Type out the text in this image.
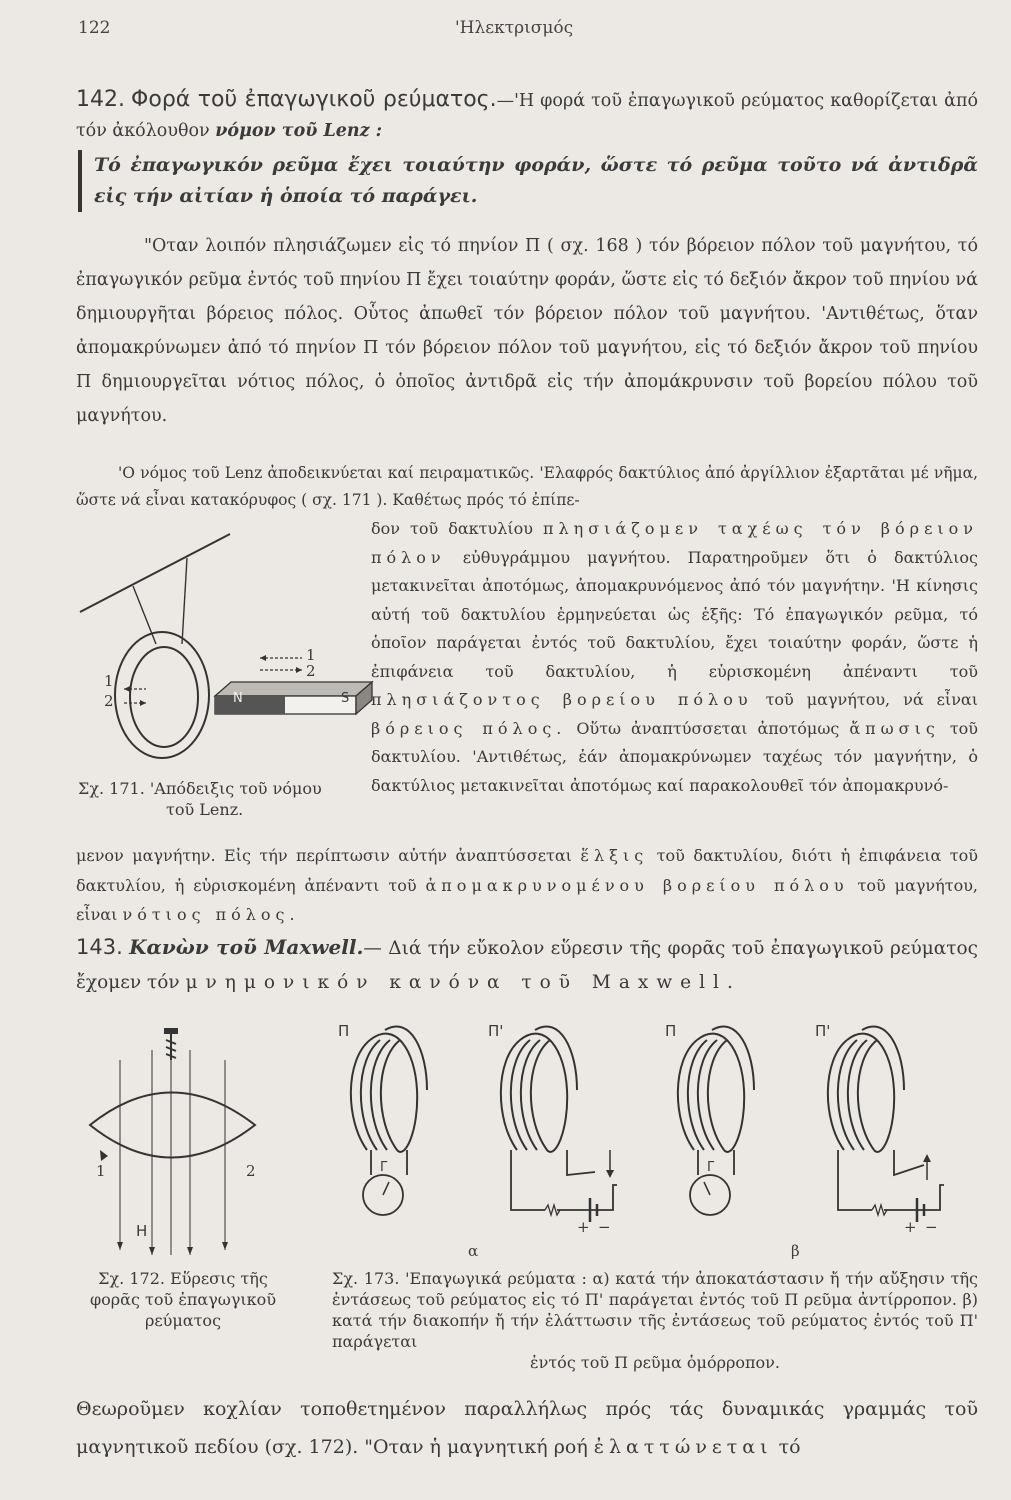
122	'Ηλεκτρισμός
142. Φορά τοῦ ἐπαγωγικοῦ ρεύματος.—'Η φορά τοῦ ἐπαγωγικοῦ ρεύματος καθορίζεται ἀπό τόν ἀκόλουθον νόμον τοῦ Lenz :
Τό ἐπαγωγικόν ρεῦμα ἔχει τοιαύτην φοράν, ὥστε τό ρεῦμα τοῦτο νά ἀντιδρᾶ εἰς τήν αἰτίαν ἡ ὁποία τό παράγει.
"Οταν λοιπόν πλησιάζωμεν εἰς τό πηνίον Π ( σχ. 168 ) τόν βόρειον πόλον τοῦ μαγνήτου, τό ἐπαγωγικόν ρεῦμα ἐντός τοῦ πηνίου Π ἔχει τοιαύτην φοράν, ὥστε εἰς τό δεξιόν ἄκρον τοῦ πηνίου νά δημιουργῆται βόρειος πόλος. Οὗτος ἀπωθεῖ τόν βόρειον πόλον τοῦ μαγνήτου. 'Αντιθέτως, ὅταν ἀπομακρύνωμεν ἀπό τό πηνίον Π τόν βόρειον πόλον τοῦ μαγνήτου, εἰς τό δεξιόν ἄκρον τοῦ πηνίου Π δημιουργεῖται νότιος πόλος, ὁ ὁποῖος ἀντιδρᾶ εἰς τήν ἀπομάκρυνσιν τοῦ βορείου πόλου τοῦ μαγνήτου.
'Ο νόμος τοῦ Lenz ἀποδεικνύεται καί πειραματικῶς. 'Ελαφρός δακτύλιος ἀπό ἀργίλλιον ἐξαρτᾶται μέ νῆμα, ὥστε νά εἶναι κατακόρυφος ( σχ. 171 ). Καθέτως πρός τό ἐπίπε-
1
2
1
2
N	S
Σχ. 171. 'Απόδειξις τοῦ νόμου
τοῦ Lenz.
δον τοῦ δακτυλίου πλησιάζομεν ταχέως τόν βόρειον πόλον εὐθυγράμμου μαγνήτου. Παρατηροῦμεν ὅτι ὁ δακτύλιος μετακινεῖται ἀποτόμως, ἀπομακρυνόμενος ἀπό τόν μαγνήτην. 'Η κίνησις αὐτή τοῦ δακτυλίου ἑρμηνεύεται ὡς ἑξῆς: Τό ἐπαγωγικόν ρεῦμα, τό ὁποῖον παράγεται ἐντός τοῦ δακτυλίου, ἔχει τοιαύτην φοράν, ὥστε ἡ ἐπιφάνεια τοῦ δακτυλίου, ἡ εὑρισκομένη ἀπέναντι τοῦ πλησιάζοντος βορείου πόλου τοῦ μαγνήτου, νά εἶναι βόρειος πόλος. Οὕτω ἀναπτύσσεται ἀποτόμως ἄπωσις τοῦ δακτυλίου. 'Αντιθέτως, ἐάν ἀπομακρύνωμεν ταχέως τόν μαγνήτην, ὁ δακτύλιος μετακινεῖται ἀποτόμως καί παρακολουθεῖ τόν ἀπομακρυνό-
μενον μαγνήτην. Εἰς τήν περίπτωσιν αὐτήν ἀναπτύσσεται ἕλξις τοῦ δακτυλίου, διότι ἡ ἐπιφάνεια τοῦ δακτυλίου, ἡ εὑρισκομένη ἀπέναντι τοῦ ἀπομακρυνομένου βορείου πόλου τοῦ μαγνήτου, εἶναι νότιος πόλος.
143. Κανὼν τοῦ Maxwell.— Διά τήν εὔκολον εὕρεσιν τῆς φορᾶς τοῦ ἐπαγωγικοῦ ρεύματος ἔχομεν τόν μνημονικόν κανόνα τοῦ Maxwell.
1	2
H
Σχ. 172. Εὕρεσις τῆς φορᾶς τοῦ ἐπαγωγικοῦ ρεύματος
Π	Π'
Γ
+ −
α
Π	Π'
Γ
+ −
β
Σχ. 173. 'Επαγωγικά ρεύματα : α) κατά τήν ἀποκατάστασιν ἤ τήν αὔξησιν τῆς ἐντάσεως τοῦ ρεύματος εἰς τό Π' παράγεται ἐντός τοῦ Π ρεῦμα ἀντίρροπον. β) κατά τήν διακοπήν ἤ τήν ἐλάττωσιν τῆς ἐντάσεως τοῦ ρεύματος ἐντός τοῦ Π' παράγεται
ἐντός τοῦ Π ρεῦμα ὁμόρροπον.
Θεωροῦμεν κοχλίαν τοποθετημένον παραλλήλως πρός τάς δυναμικάς γραμμάς τοῦ μαγνητικοῦ πεδίου (σχ. 172). "Οταν ἡ μαγνητική ροή ἐλαττώνεται τό
